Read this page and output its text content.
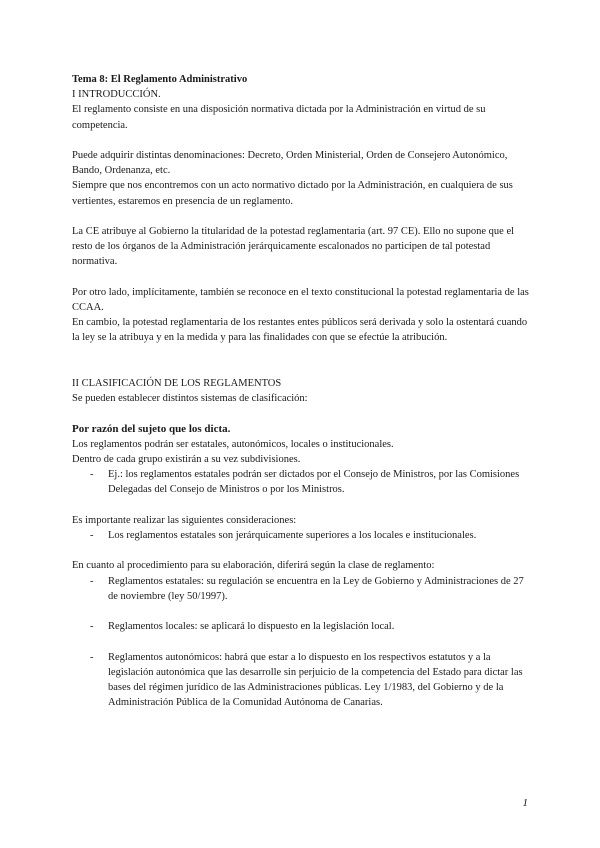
Tema 8: El Reglamento Administrativo

I INTRODUCCIÓN.

El reglamento consiste en una disposición normativa dictada por la Administración en virtud de su competencia.

Puede adquirir distintas denominaciones: Decreto, Orden Ministerial, Orden de Consejero Autonómico, Bando, Ordenanza, etc.

Siempre que nos encontremos con un acto normativo dictado por la Administración, en cualquiera de sus vertientes, estaremos en presencia de un reglamento.

La CE atribuye al Gobierno la titularidad de la potestad reglamentaria (art. 97 CE). Ello no supone que el resto de los órganos de la Administración jerárquicamente escalonados no participen de tal potestad normativa.

Por otro lado, implícitamente, también se reconoce en el texto constitucional la potestad reglamentaria de las CCAA.

En cambio, la potestad reglamentaria de los restantes entes públicos será derivada y solo la ostentará cuando la ley se la atribuya y en la medida y para las finalidades con que se efectúe la atribución.

II CLASIFICACIÓN DE LOS REGLAMENTOS

Se pueden establecer distintos sistemas de clasificación:

Por razón del sujeto que los dicta.

Los reglamentos podrán ser estatales, autonómicos, locales o institucionales.

Dentro de cada grupo existirán a su vez subdivisiones.

- Ej.: los reglamentos estatales podrán ser dictados por el Consejo de Ministros, por las Comisiones Delegadas del Consejo de Ministros o por los Ministros.

Es importante realizar las siguientes consideraciones:

- Los reglamentos estatales son jerárquicamente superiores a los locales e institucionales.

En cuanto al procedimiento para su elaboración, diferirá según la clase de reglamento:

- Reglamentos estatales: su regulación se encuentra en la Ley de Gobierno y Administraciones de 27 de noviembre (ley 50/1997).
- Reglamentos locales: se aplicará lo dispuesto en la legislación local.
- Reglamentos autonómicos: habrá que estar a lo dispuesto en los respectivos estatutos y a la legislación autonómica que las desarrolle sin perjuicio de la competencia del Estado para dictar las bases del régimen jurídico de las Administraciones públicas. Ley 1/1983, del Gobierno y de la Administración Pública de la Comunidad Autónoma de Canarias.
1
